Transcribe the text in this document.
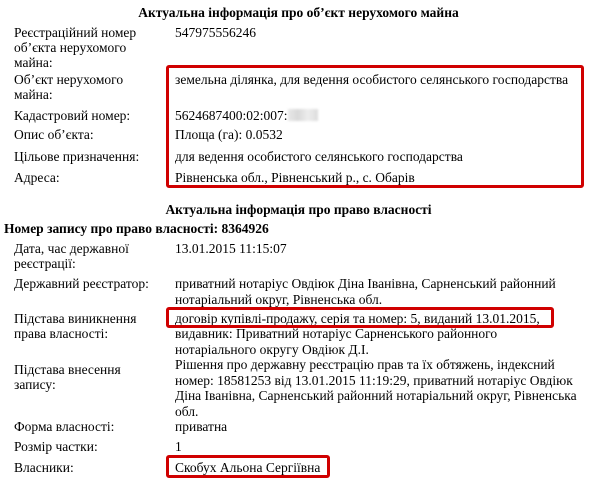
Актуальна інформація про об’єкт нерухомого майна
Реєстраційний номер об’єкта нерухомого майна:
547975556246
Об’єкт нерухомого майна:
земельна ділянка, для ведення особистого селянського господарства
Кадастровий номер:	5624687400:02:007:
Опис об’єкта:	Площа (га): 0.0532
Цільове призначення:	для ведення особистого селянського господарства
Адреса:	Рівненська обл., Рівненський р., с. Обарів
Актуальна інформація про право власності
Номер запису про право власності: 8364926
Дата, час державної реєстрації:
13.01.2015 11:15:07
Державний реєстратор:	приватний нотаріус Овдіюк Діна Іванівна, Сарненський районний нотаріальний округ, Рівненська обл.
Підстава виникнення права власності:
договір купівлі-продажу, серія та номер: 5, виданий 13.01.2015,
видавник: Приватний нотаріус Сарненського районного нотаріального округу Овдіюк Д.І.
Підстава внесення запису:
Рішення про державну реєстрацію прав та їх обтяжень, індексний номер: 18581253 від 13.01.2015 11:19:29, приватний нотаріус Овдіюк Діна Іванівна, Сарненський районний нотаріальний округ, Рівненська обл.
Форма власності:	приватна
Розмір частки:	1
Власники:	Скобух Альона Сергіївна
